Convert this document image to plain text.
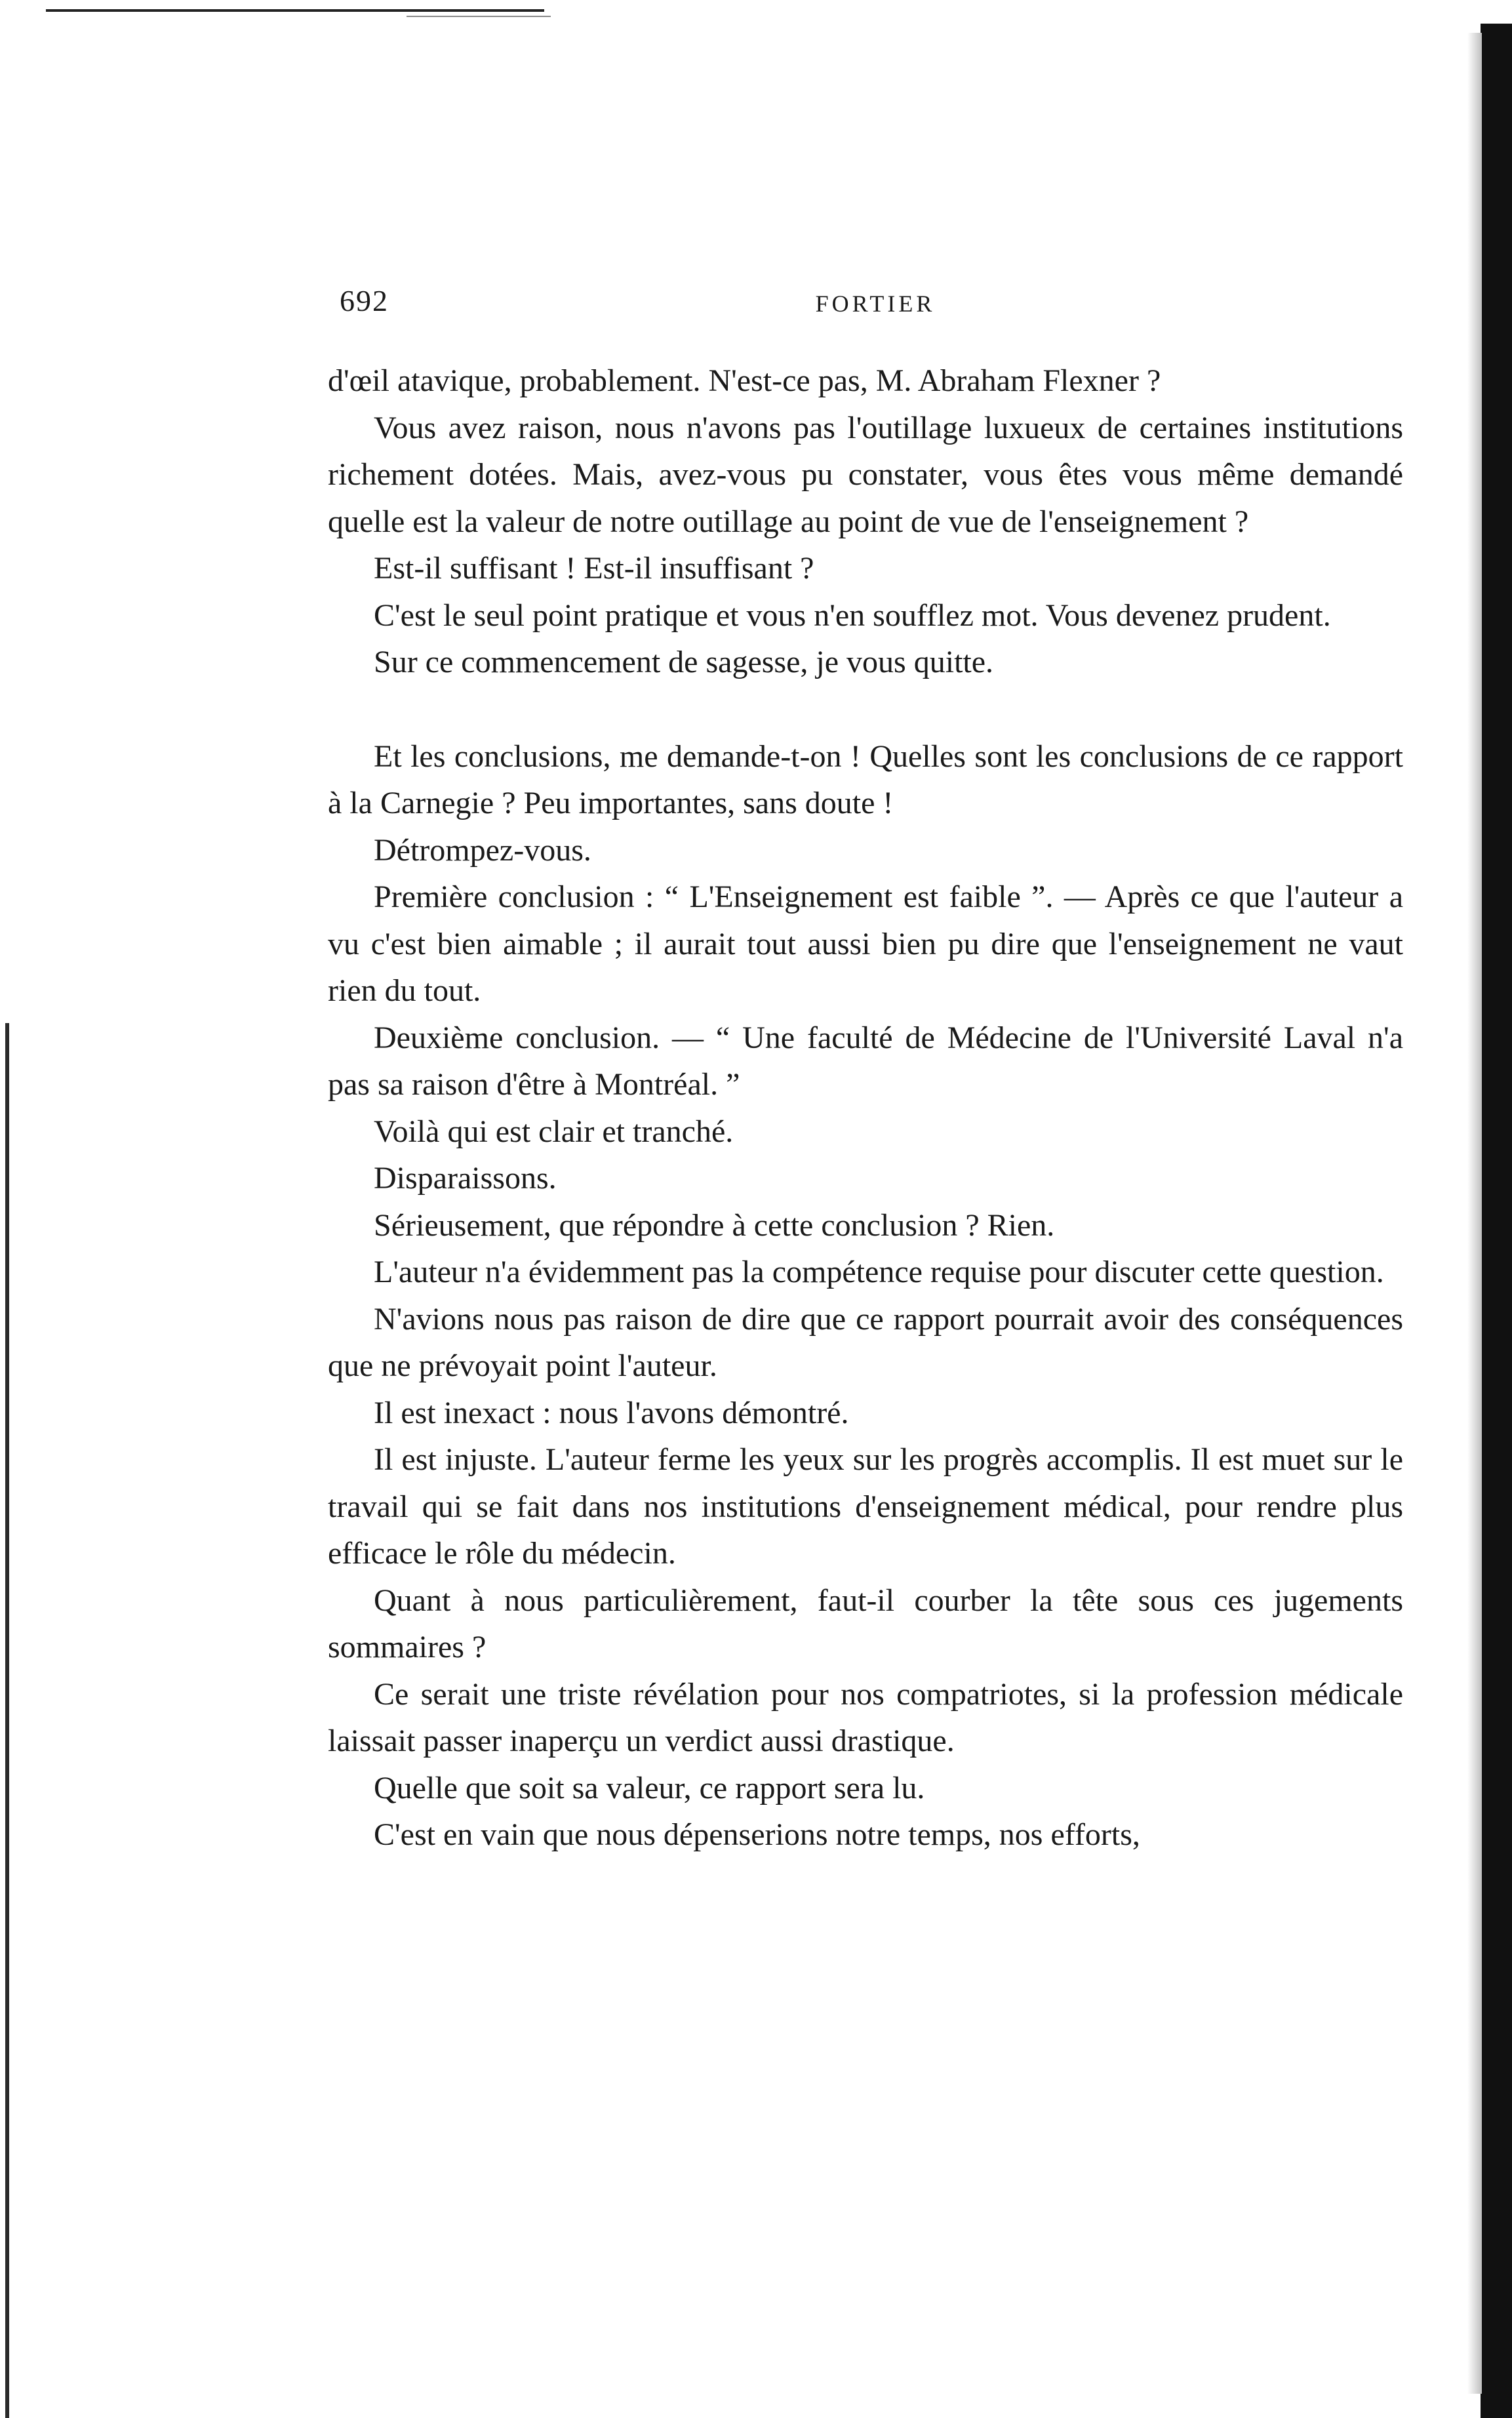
692	FORTIER

d'œil atavique, probablement. N'est-ce pas, M. Abraham Flexner ?

Vous avez raison, nous n'avons pas l'outillage luxueux de certaines institutions richement dotées. Mais, avez-vous pu constater, vous êtes vous même demandé quelle est la valeur de notre outillage au point de vue de l'enseignement ?

Est-il suffisant ! Est-il insuffisant ?

C'est le seul point pratique et vous n'en soufflez mot. Vous devenez prudent.

Sur ce commencement de sagesse, je vous quitte.

Et les conclusions, me demande-t-on ! Quelles sont les conclusions de ce rapport à la Carnegie ? Peu importantes, sans doute !

Détrompez-vous.

Première conclusion : “ L'Enseignement est faible ”. — Après ce que l'auteur a vu c'est bien aimable ; il aurait tout aussi bien pu dire que l'enseignement ne vaut rien du tout.

Deuxième conclusion. — “ Une faculté de Médecine de l'Université Laval n'a pas sa raison d'être à Montréal. ”

Voilà qui est clair et tranché.

Disparaissons.

Sérieusement, que répondre à cette conclusion ? Rien.

L'auteur n'a évidemment pas la compétence requise pour discuter cette question.

N'avions nous pas raison de dire que ce rapport pourrait avoir des conséquences que ne prévoyait point l'auteur.

Il est inexact : nous l'avons démontré.

Il est injuste. L'auteur ferme les yeux sur les progrès accomplis. Il est muet sur le travail qui se fait dans nos institutions d'enseignement médical, pour rendre plus efficace le rôle du médecin.

Quant à nous particulièrement, faut-il courber la tête sous ces jugements sommaires ?

Ce serait une triste révélation pour nos compatriotes, si la profession médicale laissait passer inaperçu un verdict aussi drastique.

Quelle que soit sa valeur, ce rapport sera lu.

C'est en vain que nous dépenserions notre temps, nos efforts,
